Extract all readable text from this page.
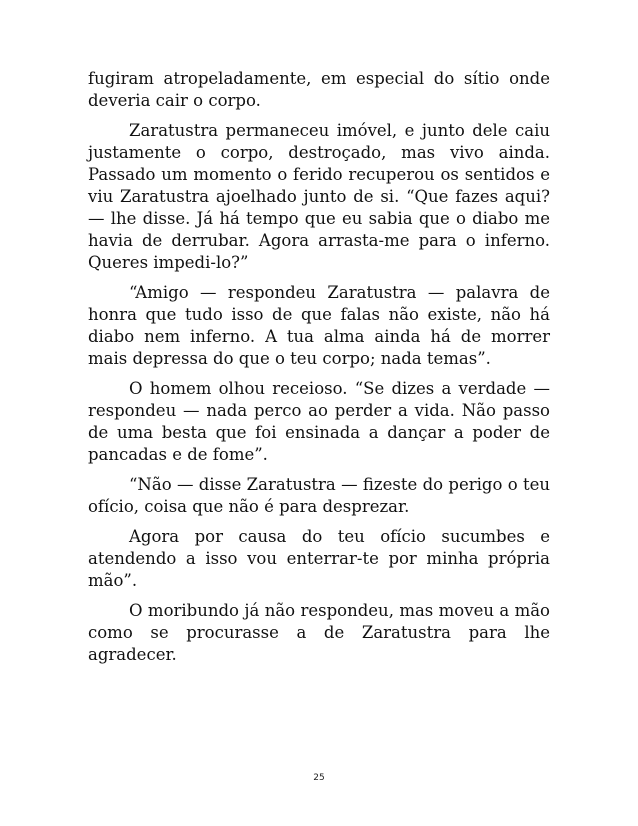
fugiram atropeladamente, em especial do sítio onde deveria cair o corpo.

Zaratustra permaneceu imóvel, e junto dele caiu justamente o corpo, destroçado, mas vivo ainda. Passado um momento o ferido recuperou os sentidos e viu Zaratustra ajoelhado junto de si. “Que fazes aqui? — lhe disse. Já há tempo que eu sabia que o diabo me havia de derrubar. Agora arrasta-me para o inferno. Queres impedi-lo?”

“Amigo — respondeu Zaratustra — palavra de honra que tudo isso de que falas não existe, não há diabo nem inferno. A tua alma ainda há de morrer mais depressa do que o teu corpo; nada temas”.

O homem olhou receioso. “Se dizes a verdade — respondeu — nada perco ao perder a vida. Não passo de uma besta que foi ensinada a dançar a poder de pancadas e de fome”.

“Não — disse Zaratustra — fizeste do perigo o teu ofício, coisa que não é para desprezar.

Agora por causa do teu ofício sucumbes e atendendo a isso vou enterrar-te por minha própria mão”.

O moribundo já não respondeu, mas moveu a mão como se procurasse a de Zaratustra para lhe agradecer.

25
